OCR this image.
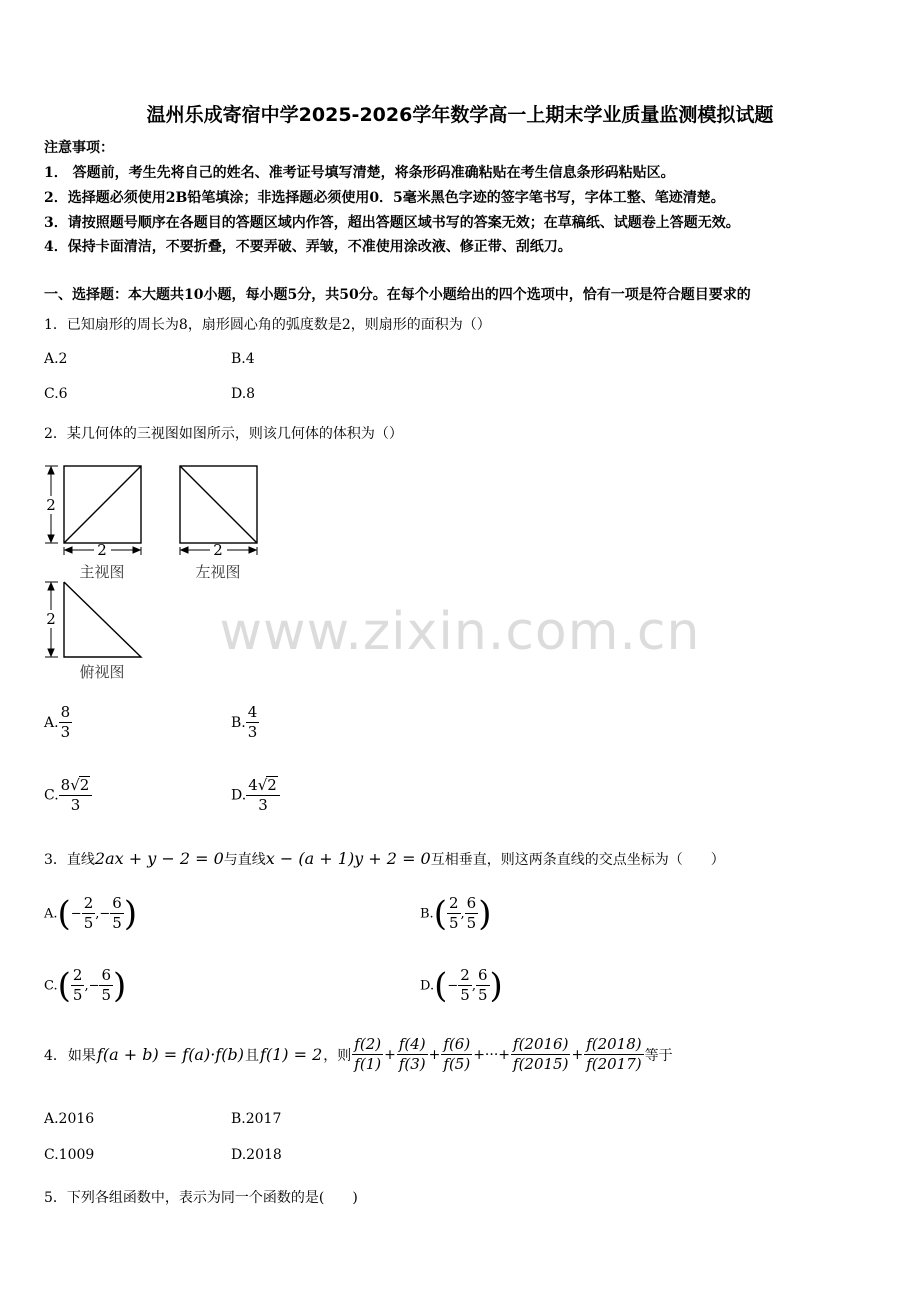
温州乐成寄宿中学2025-2026学年数学高一上期末学业质量监测模拟试题
注意事项：
1． 答题前，考生先将自己的姓名、准考证号填写清楚，将条形码准确粘贴在考生信息条形码粘贴区。
2．选择题必须使用2B铅笔填涂；非选择题必须使用0．5毫米黑色字迹的签字笔书写，字体工整、笔迹清楚。
3．请按照题号顺序在各题目的答题区域内作答，超出答题区域书写的答案无效；在草稿纸、试题卷上答题无效。
4．保持卡面清洁，不要折叠，不要弄破、弄皱，不准使用涂改液、修正带、刮纸刀。
一、选择题：本大题共10小题，每小题5分，共50分。在每个小题给出的四个选项中，恰有一项是符合题目要求的
1．已知扇形的周长为8，扇形圆心角的弧度数是2，则扇形的面积为（）
A.2	B.4
C.6	D.8
2．某几何体的三视图如图所示，则该几何体的体积为（）
2
2	2
2
主视图	左视图
俯视图
www.zixin.com.cn
A. $\frac{8}{3}$	B. $\frac{4}{3}$
C. $\frac{8√2}{3}$	D. $\frac{4√2}{3}$
3．直线2ax + y − 2 = 0与直线x − (a + 1)y + 2 = 0互相垂直，则这两条直线的交点坐标为（　　）
$A.(- \frac{2}{5}$ ,− $\frac{6}{5}$ )	$B.( \frac{2}{5}$ , $\frac{6}{5}$ )
$C.( \frac{2}{5}$ ,− $\frac{6}{5}$ )	$D.(- \frac{2}{5}$ , $\frac{6}{5}$ )
4． 如果 f(a + b) = f(a)·f(b) 且 f(1) = 2 ，则 $\frac{f(2)}{f(1)} + \frac{f(4)}{f(3)} + \frac{f(6)}{f(5)}$ +···+ $\frac{f(2016)}{f(2015)} + \frac{f(2018)}{f(2017)}$ 等于
A.2016	B.2017
C.1009	D.2018
5．下列各组函数中，表示为同一个函数的是(　　)
